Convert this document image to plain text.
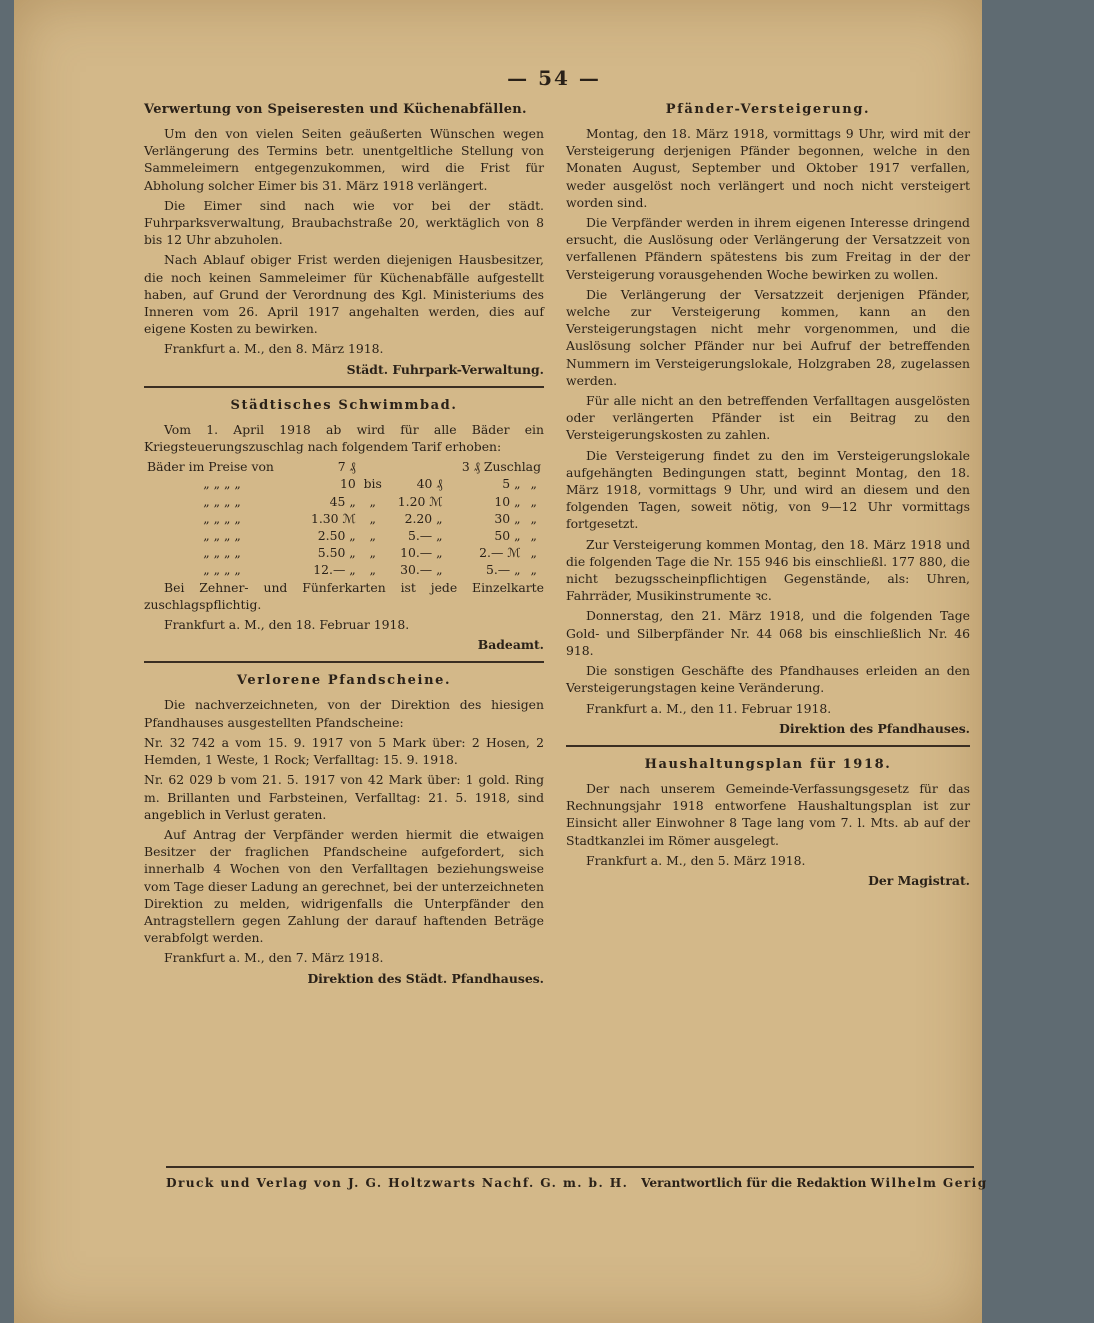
— 54 —
Verwertung von Speiseresten und Küchenabfällen.

Um den von vielen Seiten geäußerten Wünschen wegen Verlängerung des Termins betr. unentgeltliche Stellung von Sammeleimern entgegenzukommen, wird die Frist für Abholung solcher Eimer bis 31. März 1918 verlängert.

Die Eimer sind nach wie vor bei der städt. Fuhrparksverwaltung, Braubachstraße 20, werktäglich von 8 bis 12 Uhr abzuholen.

Nach Ablauf obiger Frist werden diejenigen Hausbesitzer, die noch keinen Sammeleimer für Küchenabfälle aufgestellt haben, auf Grund der Verordnung des Kgl. Ministeriums des Inneren vom 26. April 1917 angehalten werden, dies auf eigene Kosten zu bewirken.

Frankfurt a. M., den 8. März 1918.

Städt. Fuhrpark-Verwaltung.

Städtisches Schwimmbad.

Vom 1. April 1918 ab wird für alle Bäder ein Kriegsteuerungszuschlag nach folgendem Tarif erhoben:

Bäder im Preise von	7 ₰			3 ₰ Zuschlag	
„ „ „ „	10	bis	40 ₰	5 „	„
„ „ „ „	45 „	„	1.20 ℳ	10 „	„
„ „ „ „	1.30 ℳ	„	2.20 „	30 „	„
„ „ „ „	2.50 „	„	5.— „	50 „	„
„ „ „ „	5.50 „	„	10.— „	2.— ℳ	„
„ „ „ „	12.— „	„	30.— „	5.— „	„

Bei Zehner- und Fünferkarten ist jede Einzelkarte zuschlagspflichtig.

Frankfurt a. M., den 18. Februar 1918.

Badeamt.

Verlorene Pfandscheine.

Die nachverzeichneten, von der Direktion des hiesigen Pfandhauses ausgestellten Pfandscheine:

Nr. 32 742 a vom 15. 9. 1917 von 5 Mark über: 2 Hosen, 2 Hemden, 1 Weste, 1 Rock; Verfalltag: 15. 9. 1918.

Nr. 62 029 b vom 21. 5. 1917 von 42 Mark über: 1 gold. Ring m. Brillanten und Farbsteinen, Verfalltag: 21. 5. 1918, sind angeblich in Verlust geraten.

Auf Antrag der Verpfänder werden hiermit die etwaigen Besitzer der fraglichen Pfandscheine aufgefordert, sich innerhalb 4 Wochen von den Verfalltagen beziehungsweise vom Tage dieser Ladung an gerechnet, bei der unterzeichneten Direktion zu melden, widrigenfalls die Unterpfänder den Antragstellern gegen Zahlung der darauf haftenden Beträge verabfolgt werden.

Frankfurt a. M., den 7. März 1918.

Direktion des Städt. Pfandhauses.

Pfänder-Versteigerung.

Montag, den 18. März 1918, vormittags 9 Uhr, wird mit der Versteigerung derjenigen Pfänder begonnen, welche in den Monaten August, September und Oktober 1917 verfallen, weder ausgelöst noch verlängert und noch nicht versteigert worden sind.

Die Verpfänder werden in ihrem eigenen Interesse dringend ersucht, die Auslösung oder Verlängerung der Versatzzeit von verfallenen Pfändern spätestens bis zum Freitag in der der Versteigerung vorausgehenden Woche bewirken zu wollen.

Die Verlängerung der Versatzzeit derjenigen Pfänder, welche zur Versteigerung kommen, kann an den Versteigerungstagen nicht mehr vorgenommen, und die Auslösung solcher Pfänder nur bei Aufruf der betreffenden Nummern im Versteigerungslokale, Holzgraben 28, zugelassen werden.

Für alle nicht an den betreffenden Verfalltagen ausgelösten oder verlängerten Pfänder ist ein Beitrag zu den Versteigerungskosten zu zahlen.

Die Versteigerung findet zu den im Versteigerungslokale aufgehängten Bedingungen statt, beginnt Montag, den 18. März 1918, vormittags 9 Uhr, und wird an diesem und den folgenden Tagen, soweit nötig, von 9—12 Uhr vormittags fortgesetzt.

Zur Versteigerung kommen Montag, den 18. März 1918 und die folgenden Tage die Nr. 155 946 bis einschließl. 177 880, die nicht bezugsscheinpflichtigen Gegenstände, als: Uhren, Fahrräder, Musikinstrumente ꝛc.

Donnerstag, den 21. März 1918, und die folgenden Tage Gold- und Silberpfänder Nr. 44 068 bis einschließlich Nr. 46 918.

Die sonstigen Geschäfte des Pfandhauses erleiden an den Versteigerungstagen keine Veränderung.

Frankfurt a. M., den 11. Februar 1918.

Direktion des Pfandhauses.

Haushaltungsplan für 1918.

Der nach unserem Gemeinde-Verfassungsgesetz für das Rechnungsjahr 1918 entworfene Haushaltungsplan ist zur Einsicht aller Einwohner 8 Tage lang vom 7. l. Mts. ab auf der Stadtkanzlei im Römer ausgelegt.

Frankfurt a. M., den 5. März 1918.

Der Magistrat.

Druck und Verlag von J. G. Holtzwarts Nachf. G. m. b. H. Verantwortlich für die Redaktion Wilhelm Gerig
